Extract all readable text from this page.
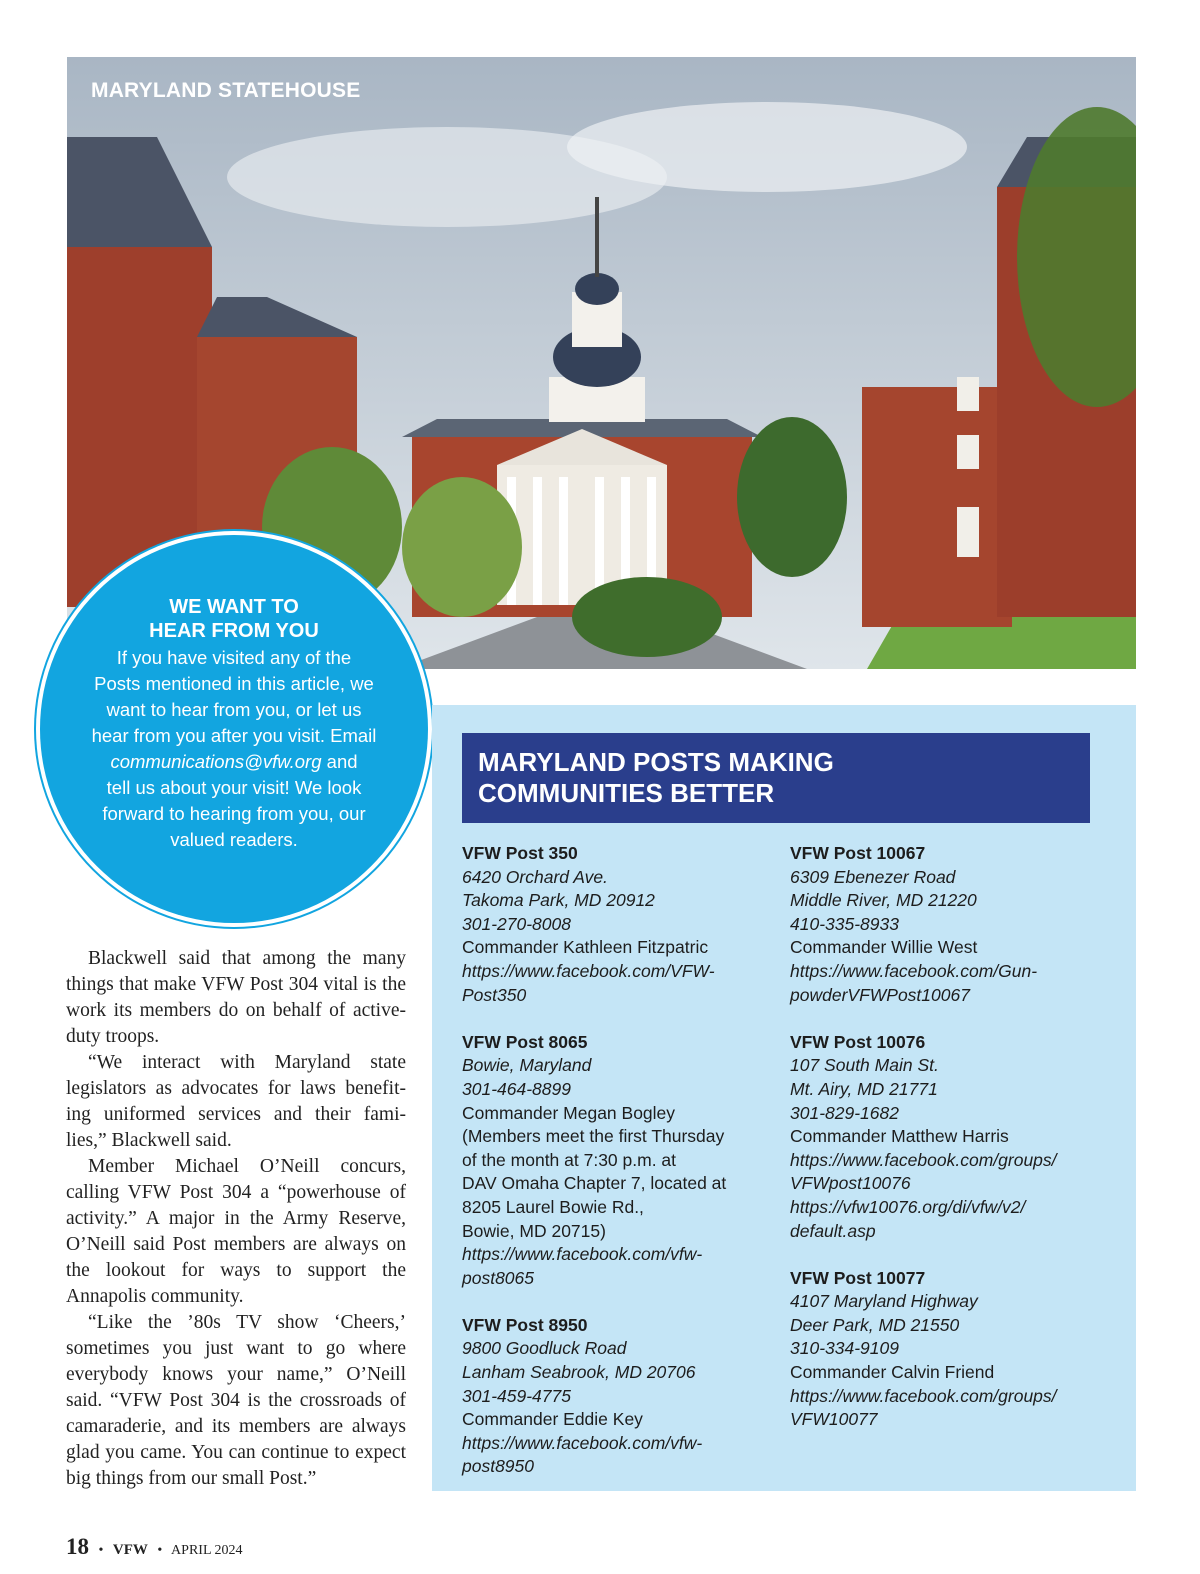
MARYLAND STATEHOUSE
WE WANT TO
HEAR FROM YOU
If you have visited any of the
Posts mentioned in this article, we
want to hear from you, or let us
hear from you after you visit. Email
communications@vfw.org and
tell us about your visit! We look
forward to hearing from you, our
valued readers.

Blackwell said that among the many things that make VFW Post 304 vital is the work its members do on behalf of active-duty troops.

“We interact with Maryland state legislators as advocates for laws benefit-ing uniformed services and their fami-lies,” Blackwell said.

Member Michael O’Neill concurs, calling VFW Post 304 a “powerhouse of activity.” A major in the Army Reserve, O’Neill said Post members are always on the lookout for ways to support the Annapolis community.

“Like the ’80s TV show ‘Cheers,’ sometimes you just want to go where everybody knows your name,” O’Neill said. “VFW Post 304 is the crossroads of camaraderie, and its members are always glad you came. You can continue to expect big things from our small Post.”

MARYLAND POSTS MAKING
COMMUNITIES BETTER
VFW Post 350
6420 Orchard Ave.
Takoma Park, MD 20912
301-270-8008
Commander Kathleen Fitzpatric
https://www.facebook.com/VFW-
Post350
VFW Post 8065
Bowie, Maryland
301-464-8899
Commander Megan Bogley
(Members meet the first Thursday
of the month at 7:30 p.m. at
DAV Omaha Chapter 7, located at
8205 Laurel Bowie Rd.,
Bowie, MD 20715)
https://www.facebook.com/vfw-
post8065
VFW Post 8950
9800 Goodluck Road
Lanham Seabrook, MD 20706
301-459-4775
Commander Eddie Key
https://www.facebook.com/vfw-
post8950
VFW Post 10067
6309 Ebenezer Road
Middle River, MD 21220
410-335-8933
Commander Willie West
https://www.facebook.com/Gun-
powderVFWPost10067
VFW Post 10076
107 South Main St.
Mt. Airy, MD 21771
301-829-1682
Commander Matthew Harris
https://www.facebook.com/groups/
VFWpost10076
https://vfw10076.org/di/vfw/v2/
default.asp
VFW Post 10077
4107 Maryland Highway
Deer Park, MD 21550
310-334-9109
Commander Calvin Friend
https://www.facebook.com/groups/
VFW10077
18 • VFW • APRIL 2024
